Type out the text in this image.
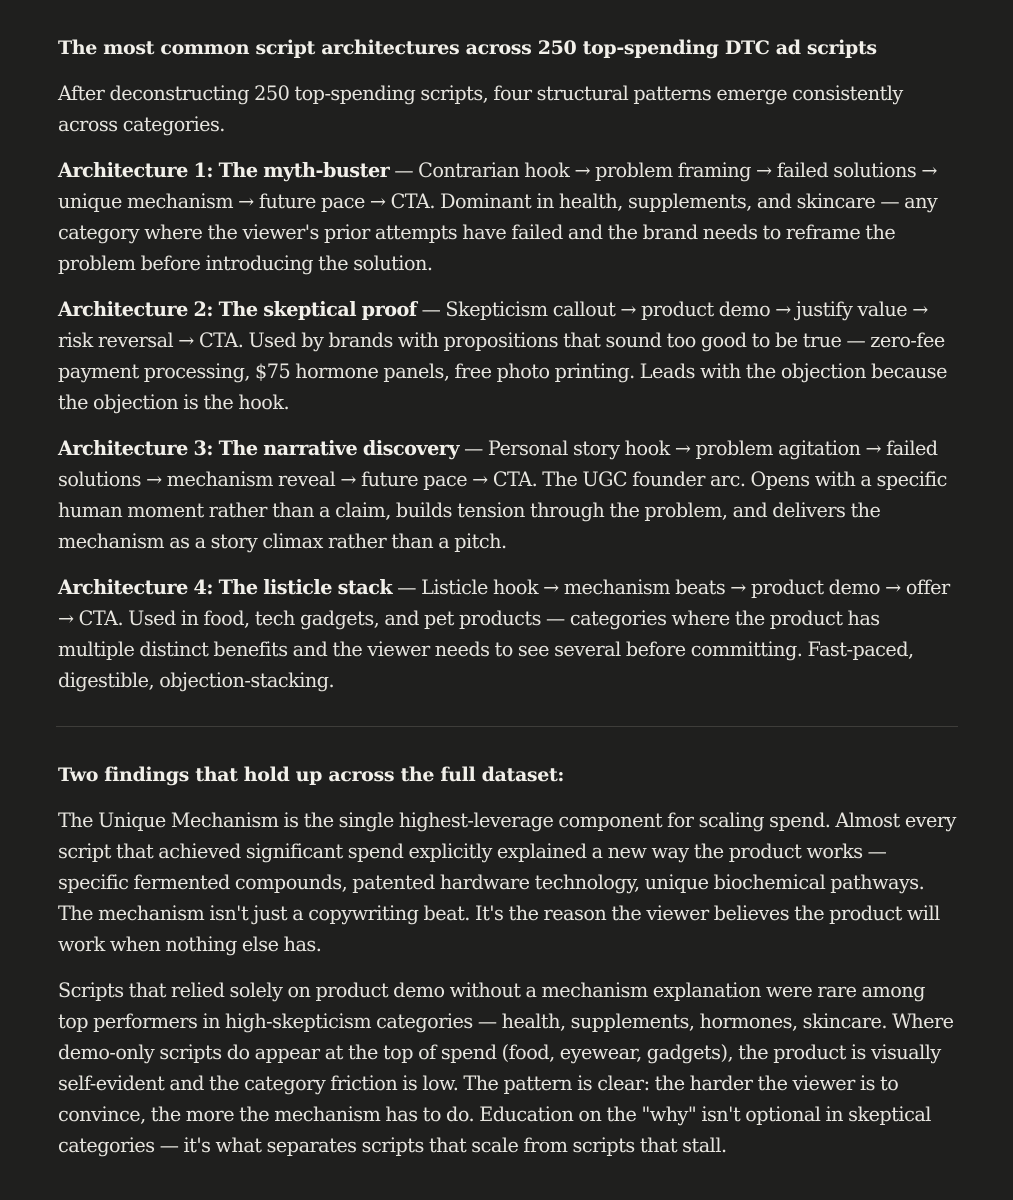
The most common script architectures across 250 top-spending DTC ad scripts

After deconstructing 250 top-spending scripts, four structural patterns emerge consistently across categories.

Architecture 1: The myth-buster — Contrarian hook → problem framing → failed solutions → unique mechanism → future pace → CTA. Dominant in health, supplements, and skincare — any category where the viewer's prior attempts have failed and the brand needs to reframe the problem before introducing the solution.

Architecture 2: The skeptical proof — Skepticism callout → product demo → justify value → risk reversal → CTA. Used by brands with propositions that sound too good to be true — zero-fee payment processing, $75 hormone panels, free photo printing. Leads with the objection because the objection is the hook.

Architecture 3: The narrative discovery — Personal story hook → problem agitation → failed solutions → mechanism reveal → future pace → CTA. The UGC founder arc. Opens with a specific human moment rather than a claim, builds tension through the problem, and delivers the mechanism as a story climax rather than a pitch.

Architecture 4: The listicle stack — Listicle hook → mechanism beats → product demo → offer → CTA. Used in food, tech gadgets, and pet products — categories where the product has multiple distinct benefits and the viewer needs to see several before committing. Fast-paced, digestible, objection-stacking.

Two findings that hold up across the full dataset:

The Unique Mechanism is the single highest-leverage component for scaling spend. Almost every script that achieved significant spend explicitly explained a new way the product works — specific fermented compounds, patented hardware technology, unique biochemical pathways. The mechanism isn't just a copywriting beat. It's the reason the viewer believes the product will work when nothing else has.

Scripts that relied solely on product demo without a mechanism explanation were rare among top performers in high-skepticism categories — health, supplements, hormones, skincare. Where demo-only scripts do appear at the top of spend (food, eyewear, gadgets), the product is visually self-evident and the category friction is low. The pattern is clear: the harder the viewer is to convince, the more the mechanism has to do. Education on the "why" isn't optional in skeptical categories — it's what separates scripts that scale from scripts that stall.
